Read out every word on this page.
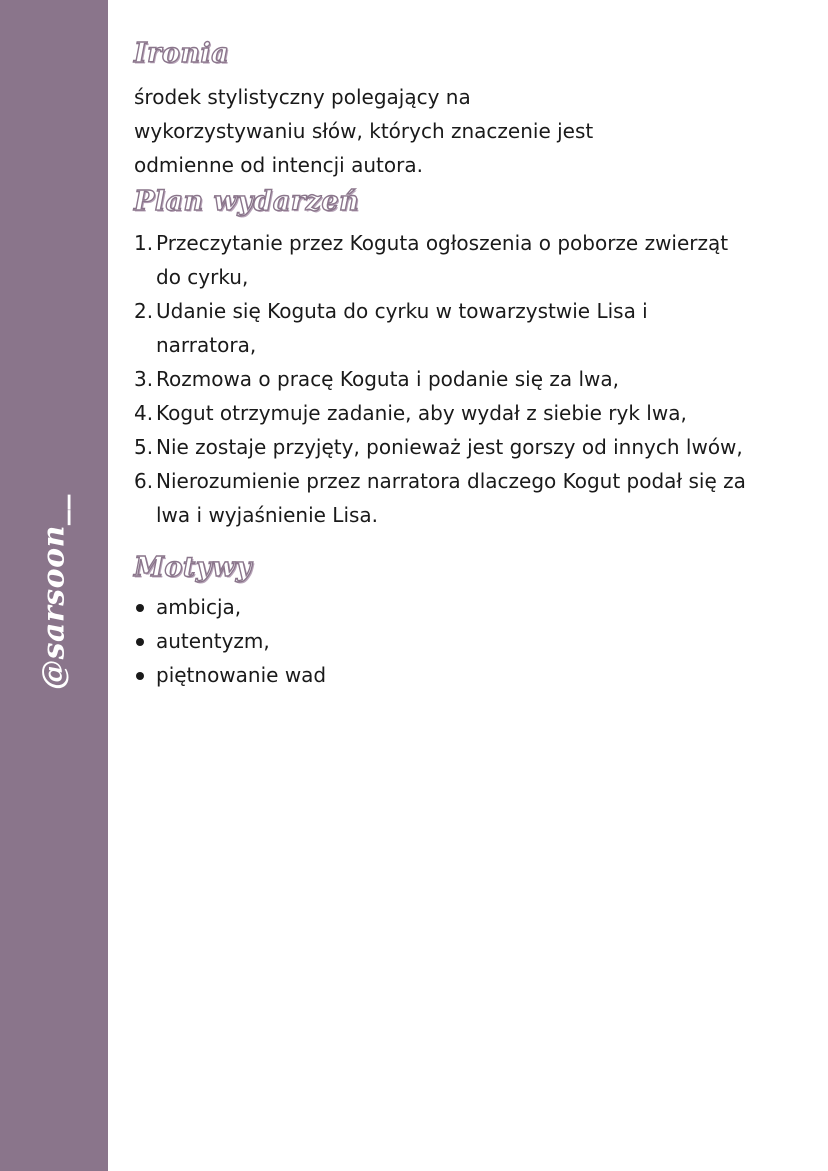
@sarsoon__
Ironia

środek stylistyczny polegający na wykorzystywaniu słów, których znaczenie jest odmienne od intencji autora.

Plan wydarzeń
1. Przeczytanie przez Koguta ogłoszenia o poborze zwierząt do cyrku,
2. Udanie się Koguta do cyrku w towarzystwie Lisa i narratora,
3. Rozmowa o pracę Koguta i podanie się za lwa,
4. Kogut otrzymuje zadanie, aby wydał z siebie ryk lwa,
5. Nie zostaje przyjęty, ponieważ jest gorszy od innych lwów,
6. Nierozumienie przez narratora dlaczego Kogut podał się za lwa i wyjaśnienie Lisa.
Motywy
ambicja,
autentyzm,
piętnowanie wad
